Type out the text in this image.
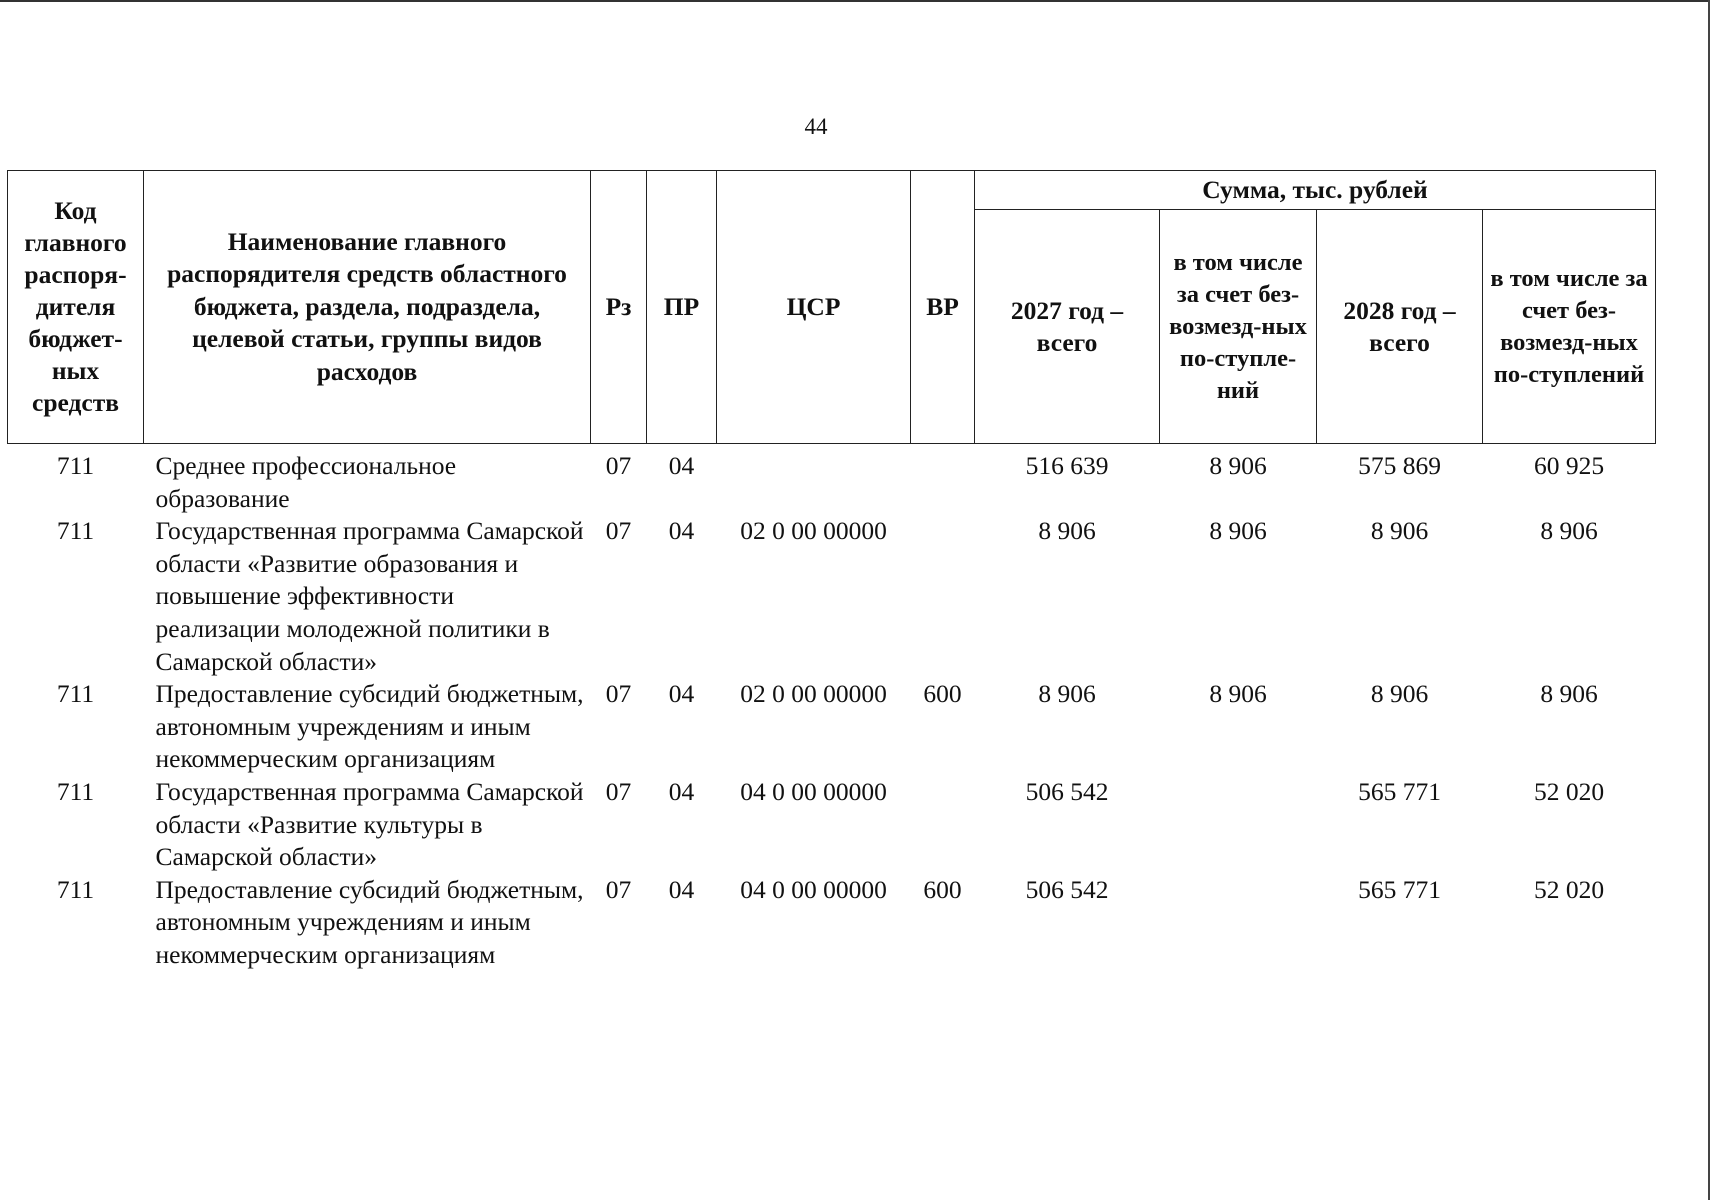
44
Код главного распоря-дителя бюджет-ных средств	Наименование главного распорядителя средств областного бюджета, раздела, подраздела, целевой статьи, группы видов расходов	Рз	ПР	ЦСР	ВР	Сумма, тыс. рублей			
						2027 год – всего	в том числе за счет без-возмезд-ных по-ступле-ний	2028 год – всего	в том числе за счет без-возмезд-ных по-ступлений
711	Среднее профессиональное образование	07	04			516 639	8 906	575 869	60 925
711	Государственная программа Самарской области «Развитие образования и повышение эффективности реализации молодежной политики в Самарской области»	07	04	02 0 00 00000		8 906	8 906	8 906	8 906
711	Предоставление субсидий бюджетным, автономным учреждениям и иным некоммерческим организациям	07	04	02 0 00 00000	600	8 906	8 906	8 906	8 906
711	Государственная программа Самарской области «Развитие культуры в Самарской области»	07	04	04 0 00 00000		506 542		565 771	52 020
711	Предоставление субсидий бюджетным, автономным учреждениям и иным некоммерческим организациям	07	04	04 0 00 00000	600	506 542		565 771	52 020
